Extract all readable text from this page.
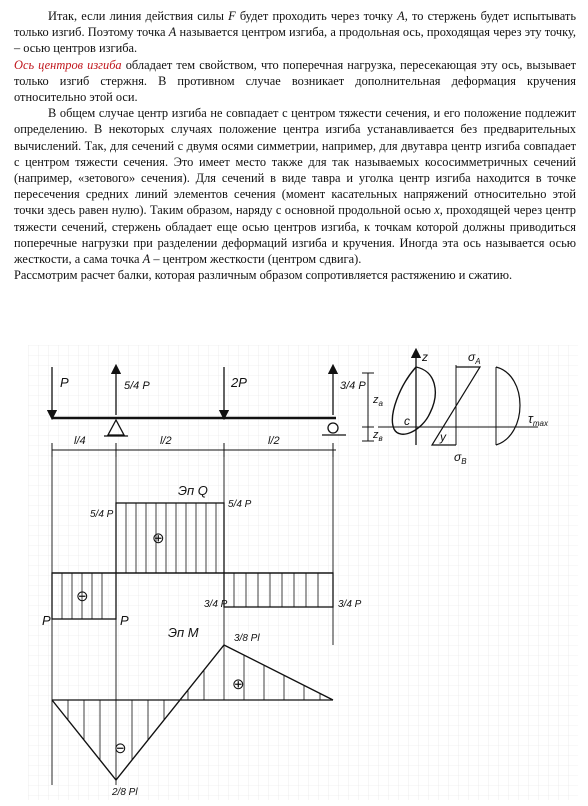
Итак, если линия действия силы F будет проходить через точку A, то стержень будет испытывать только изгиб. Поэтому точка A называется центром изгиба, а продольная ось, проходящая через эту точку, – осью центров изгиба.

Ось центров изгиба обладает тем свойством, что поперечная нагрузка, пересекающая эту ось, вызывает только изгиб стержня. В противном случае возникает дополнительная деформация кручения относительно этой оси.

В общем случае центр изгиба не совпадает с центром тяжести сечения, и его положение подлежит определению. В некоторых случаях положение центра изгиба устанавливается без предварительных вычислений. Так, для сечений с двумя осями симметрии, например, для двутавра центр изгиба совпадает с центром тяжести сечения. Это имеет место также для так называемых кососимметричных сечений (например, «зетового» сечения). Для сечений в виде тавра и уголка центр изгиба находится в точке пересечения средних линий элементов сечения (момент касательных напряжений относительно этой точки здесь равен нулю). Таким образом, наряду с основной продольной осью x, проходящей через центр тяжести сечений, стержень обладает еще осью центров изгиба, к точкам которой должны приводиться поперечные нагрузки при разделении деформаций изгиба и кручения. Иногда эта ось называется осью жесткости, а сама точка A – центром жесткости (центром сдвига).

Рассмотрим расчет балки, которая различным образом сопротивляется растяжению и сжатию.

P	5/4 P	2P	3/4 P
l/4	l/2	l/2
Эп Q
5/4 P
5/4 P
3/4 P	3/4 P
P	P
Эп M	3/8 Pl
2/8 Pl
⊕
⊖
⊕
⊖
z
y
c
$z_a$
$z_в$
$\sigma_A$
$\sigma_B$
$\tau_{max}$
